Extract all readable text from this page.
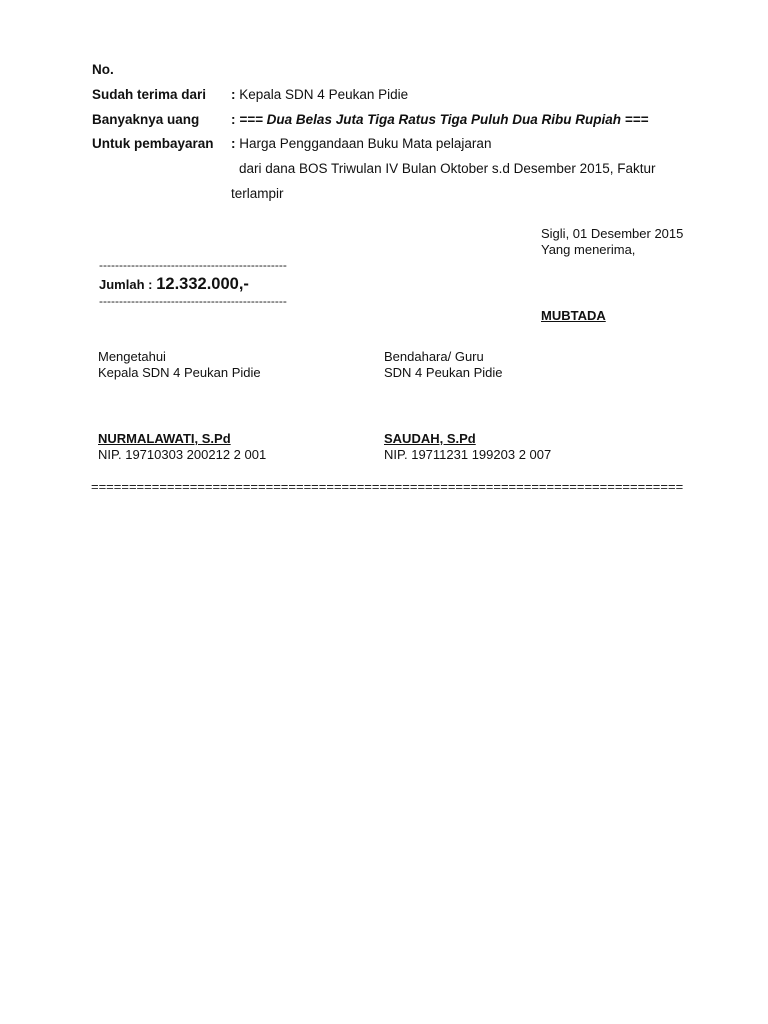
No.
Sudah terima dari : Kepala SDN 4 Peukan Pidie
Banyaknya uang : === Dua Belas Juta Tiga Ratus Tiga Puluh Dua Ribu Rupiah ===
Untuk pembayaran : Harga Penggandaan Buku Mata pelajaran
dari dana BOS Triwulan IV Bulan Oktober s.d Desember 2015, Faktur
terlampir
Sigli, 01 Desember 2015
Yang menerima,
MUBTADA
-----------------------------------------------
Jumlah : 12.332.000,-
-----------------------------------------------
Mengetahui
Kepala SDN 4 Peukan Pidie
NURMALAWATI, S.Pd
NIP. 19710303 200212 2 001
Bendahara/ Guru
SDN 4 Peukan Pidie
SAUDAH, S.Pd
NIP. 19711231 199203 2 007
==============================================================================
